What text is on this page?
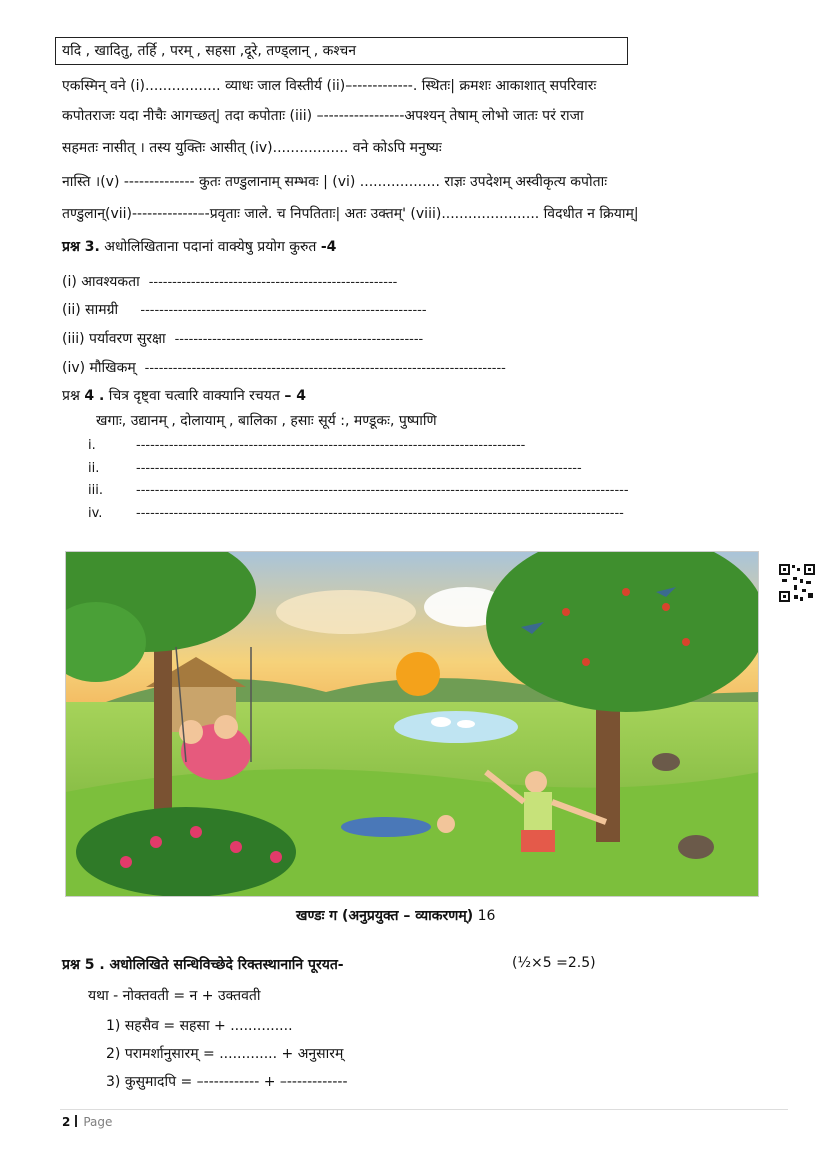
यदि , खादितु, तर्हि , परम् , सहसा ,दूरे, तण्ड्लान् , कश्चन
एकस्मिन् वने (i)................. व्याधः जाल विस्तीर्य (ii)–------------. स्थितः| क्रमशः आकाशात् सपरिवारः
कपोतराजः यदा नीचैः आगच्छत्| तदा कपोताः (iii) –----------------अपश्यन् तेषाम् लोभो जातः परं राजा
सहमतः नासीत् । तस्य युक्तिः आसीत् (iv)................. वने कोऽपि मनुष्यः
नास्ति ।(v) -------------- कुतः तण्डुलानाम् सम्भवः | (vi) .................. राज्ञः उपदेशम् अस्वीकृत्य कपोताः
तण्डुलान्(vii)-------------–-प्रवृताः जाले. च निपतिताः| अतः उक्तम्' (viii)...................... विदधीत न क्रियाम्|
प्रश्न 3. अधोलिखिताना पदानां वाक्येषु प्रयोग कुरुत -4
(i) आवश्यकता -----------------------------------------------------
(ii) सामग्री -------------------------------------------------------------
(iii) पर्यावरण सुरक्षा -----------------------------------------------------
(iv) मौखिकम् -----------------------------------------------------------------------------
प्रश्न 4 . चित्र दृष्ट्वा चत्वारि वाक्यानि रचयत – 4
खगाः, उद्यानम् , दोलायाम् , बालिका , हसाः सूर्य :, मण्डूकः, पुष्पाणि
i.	-----------------------------------------------------------------------------------
ii.	-----------------------------------------------------------------------------------------------
iii.	---------------------------------------------------------------------------------------------------------
iv.	--------------------------------------------------------------------------------------------------------
खण्डः ग (अनुप्रयुक्त – व्याकरणम्) 16
प्रश्न 5 . अधोलिखिते सन्धिविच्छेदे रिक्तस्थानानि पूरयत-	(½×5 =2.5)
यथा - नोक्तवती = न + उक्तवती
1) सहसैव = सहसा + ..............
2) परामर्शानुसारम् = ............. + अनुसारम्
3) कुसुमादपि = –----------- + –------------
2 Page
